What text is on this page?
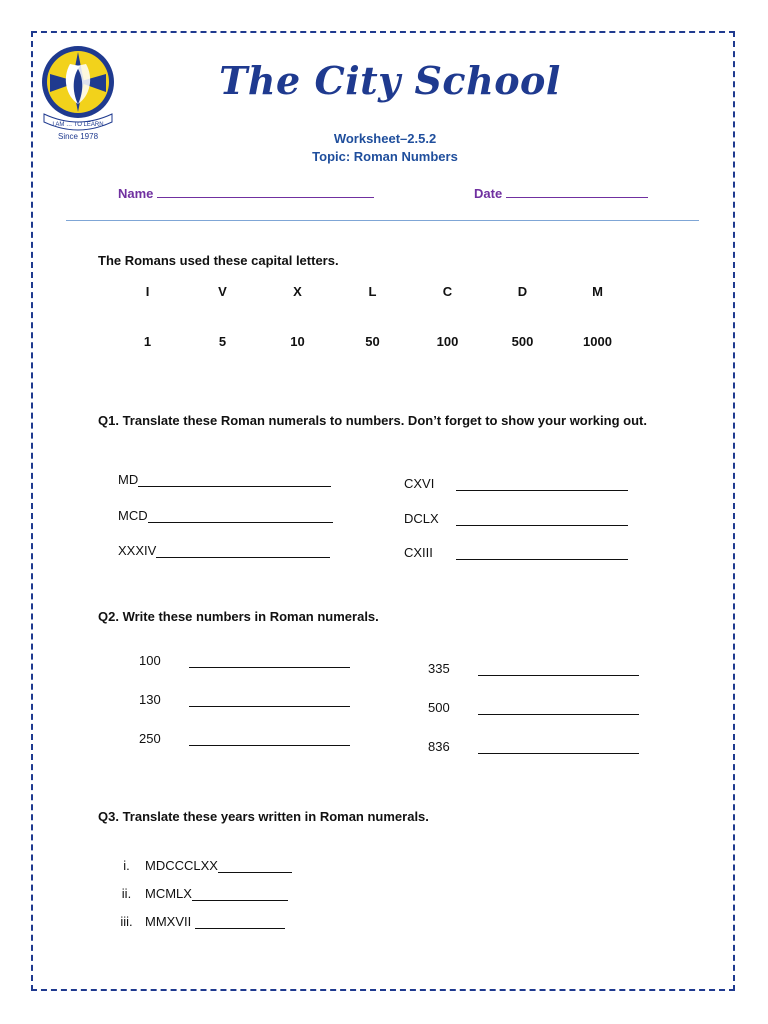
I AM … TO LEARN
Since 1978
The City School
Worksheet–2.5.2
Topic: Roman Numbers
Name	Date
The Romans used these capital letters.
I	V	X	L	C	D	M
1	5	10	50	100	500	1000
Q1. Translate these Roman numerals to numbers. Don’t forget to show your working out.
MD
MCD
XXXIV
CXVI
DCLX
CXIII
Q2. Write these numbers in Roman numerals.
100
130
250
335
500
836
Q3. Translate these years written in Roman numerals.
i.	MDCCCLXX
ii.	MCMLX
iii. MMXVII
